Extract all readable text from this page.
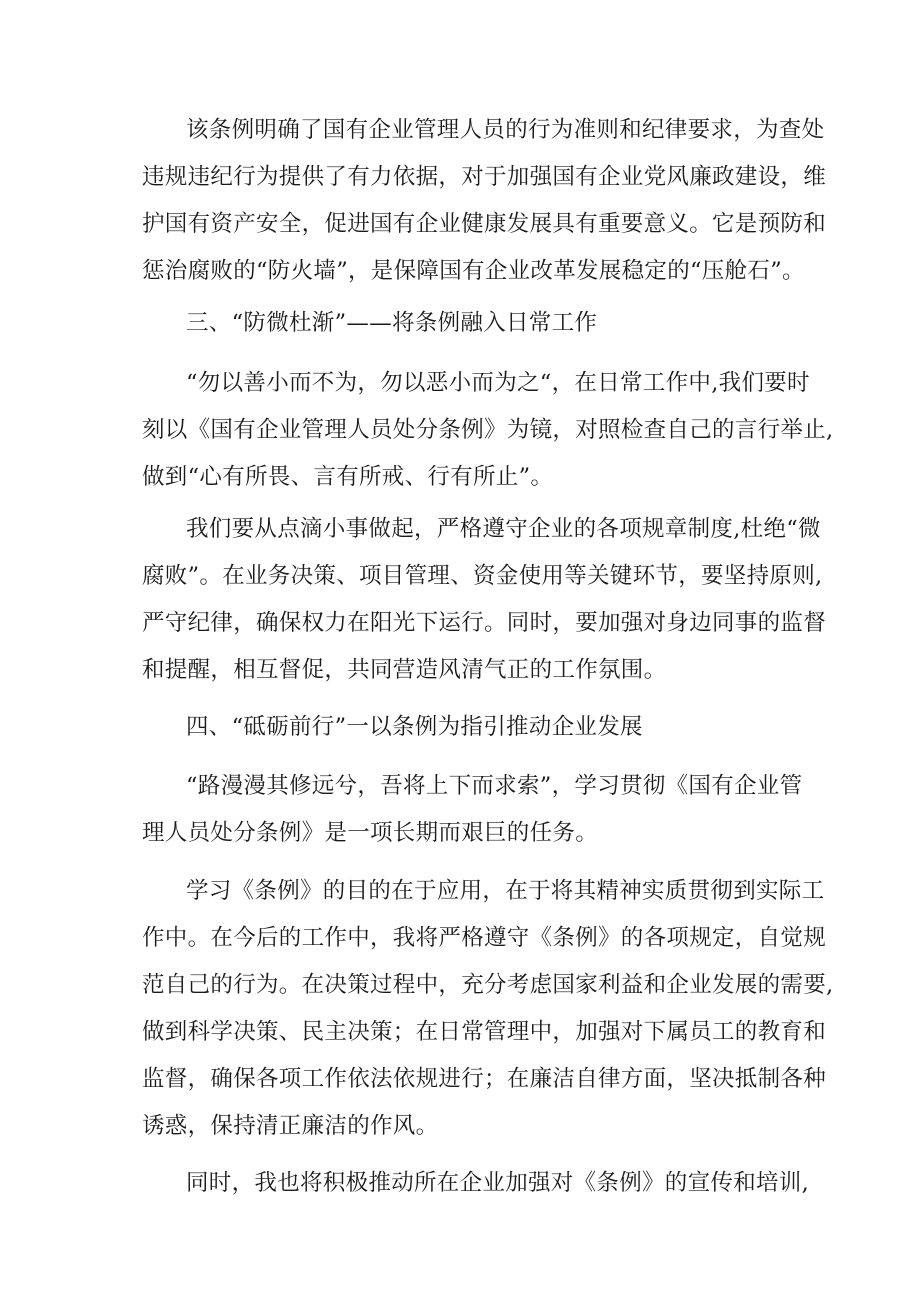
该条例明确了国有企业管理人员的行为准则和纪律要求，为查处
违规违纪行为提供了有力依据，对于加强国有企业党风廉政建设，维
护国有资产安全，促进国有企业健康发展具有重要意义。它是预防和
惩治腐败的“防火墙”，是保障国有企业改革发展稳定的“压舱石”。
三、“防微杜渐”——将条例融入日常工作
“勿以善小而不为，勿以恶小而为之“，在日常工作中,我们要时
刻以《国有企业管理人员处分条例》为镜，对照检查自己的言行举止,
做到“心有所畏、言有所戒、行有所止”。
我们要从点滴小事做起，严格遵守企业的各项规章制度,杜绝“微
腐败”。在业务决策、项目管理、资金使用等关键环节，要坚持原则,
严守纪律，确保权力在阳光下运行。同时，要加强对身边同事的监督
和提醒，相互督促，共同营造风清气正的工作氛围。
四、“砥砺前行”一以条例为指引推动企业发展
“路漫漫其修远兮，吾将上下而求索”，学习贯彻《国有企业管
理人员处分条例》是一项长期而艰巨的任务。
学习《条例》的目的在于应用，在于将其精神实质贯彻到实际工
作中。在今后的工作中，我将严格遵守《条例》的各项规定，自觉规
范自己的行为。在决策过程中，充分考虑国家利益和企业发展的需要,
做到科学决策、民主决策；在日常管理中，加强对下属员工的教育和
监督，确保各项工作依法依规进行；在廉洁自律方面，坚决抵制各种
诱惑，保持清正廉洁的作风。
同时，我也将积极推动所在企业加强对《条例》的宣传和培训,
